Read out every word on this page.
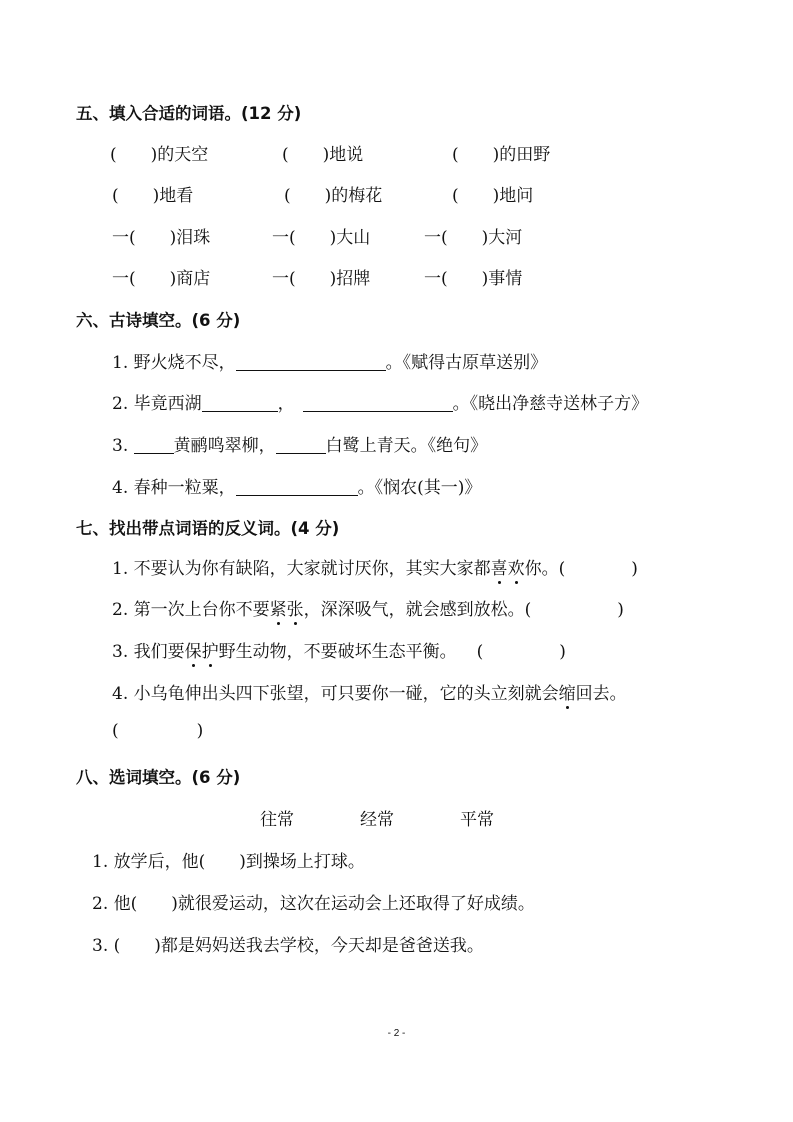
五、填入合适的词语。(12 分)
(　　)的天空	(　　)地说	(　　)的田野
(　　)地看	(　　)的梅花	(　　)地问
一(　　)泪珠	一(　　)大山	一(　　)大河
一(　　)商店	一(　　)招牌	一(　　)事情
六、古诗填空。(6 分)
1. 野火烧不尽，	。《赋得古原草送别》
2. 毕竟西湖	，	。《晓出净慈寺送林子方》
3. 黄鹂鸣翠柳，	白鹭上青天。《绝句》
4. 春种一粒粟，	。《悯农(其一)》
七、找出带点词语的反义词。(4 分)
1. 不要认为你有缺陷，大家就讨厌你，其实大家都喜欢你。(	)
2. 第一次上台你不要紧张，深深吸气，就会感到放松。(	)
3. 我们要保护野生动物，不要破坏生态平衡。 (	)
4. 小乌龟伸出头四下张望，可只要你一碰，它的头立刻就会缩回去。
(	)
八、选词填空。(6 分)
往常	经常	平常
1. 放学后，他(　　)到操场上打球。
2. 他(　　)就很爱运动，这次在运动会上还取得了好成绩。
3. (　　)都是妈妈送我去学校，今天却是爸爸送我。
- 2 -
